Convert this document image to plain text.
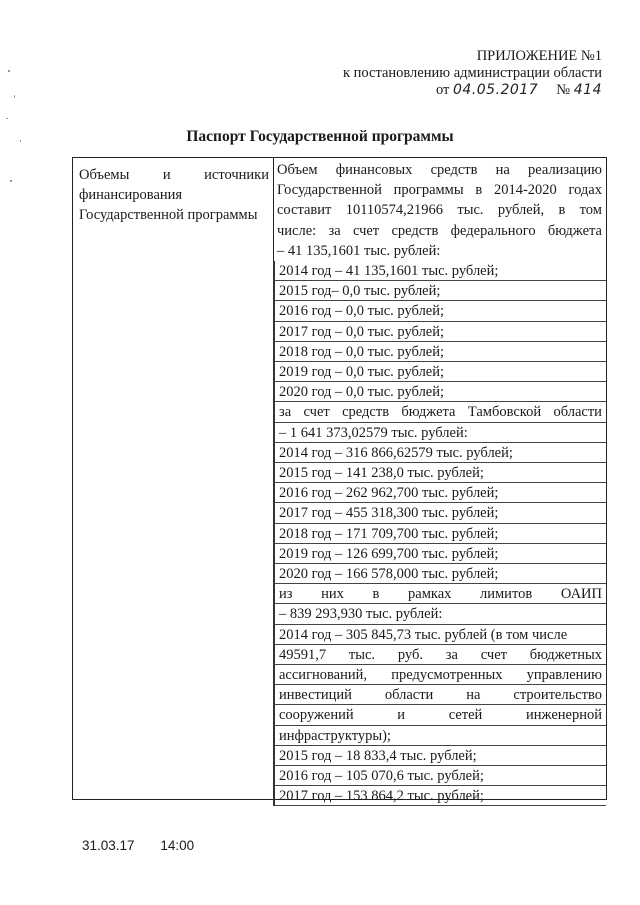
ПРИЛОЖЕНИЕ №1
к постановлению администрации области
от 04.05.2017 № 414
Паспорт Государственной программы
Объемы и источники
финансирования
Государственной программы
Объем финансовых средств на реализацию
Государственной программы в 2014-2020 годах
составит 10110574,21966 тыс. рублей, в том
числе: за счет средств федерального бюджета
– 41 135,1601 тыс. рублей:
2014 год – 41 135,1601 тыс. рублей;
2015 год– 0,0 тыс. рублей;
2016 год – 0,0 тыс. рублей;
2017 год – 0,0 тыс. рублей;
2018 год – 0,0 тыс. рублей;
2019 год – 0,0 тыс. рублей;
2020 год – 0,0 тыс. рублей;
за счет средств бюджета Тамбовской области
– 1 641 373,02579 тыс. рублей:
2014 год – 316 866,62579 тыс. рублей;
2015 год – 141 238,0 тыс. рублей;
2016 год – 262 962,700 тыс. рублей;
2017 год – 455 318,300 тыс. рублей;
2018 год – 171 709,700 тыс. рублей;
2019 год – 126 699,700 тыс. рублей;
2020 год – 166 578,000 тыс. рублей;
из них в рамках лимитов ОАИП
– 839 293,930 тыс. рублей:
2014 год – 305 845,73 тыс. рублей (в том числе
49591,7 тыс. руб. за счет бюджетных
ассигнований, предусмотренных управлению
инвестиций области на строительство
сооружений	и	сетей	инженерной
инфраструктуры);
2015 год – 18 833,4 тыс. рублей;
2016 год – 105 070,6 тыс. рублей;
2017 год – 153 864,2 тыс. рублей;
31.03.17 14:00
